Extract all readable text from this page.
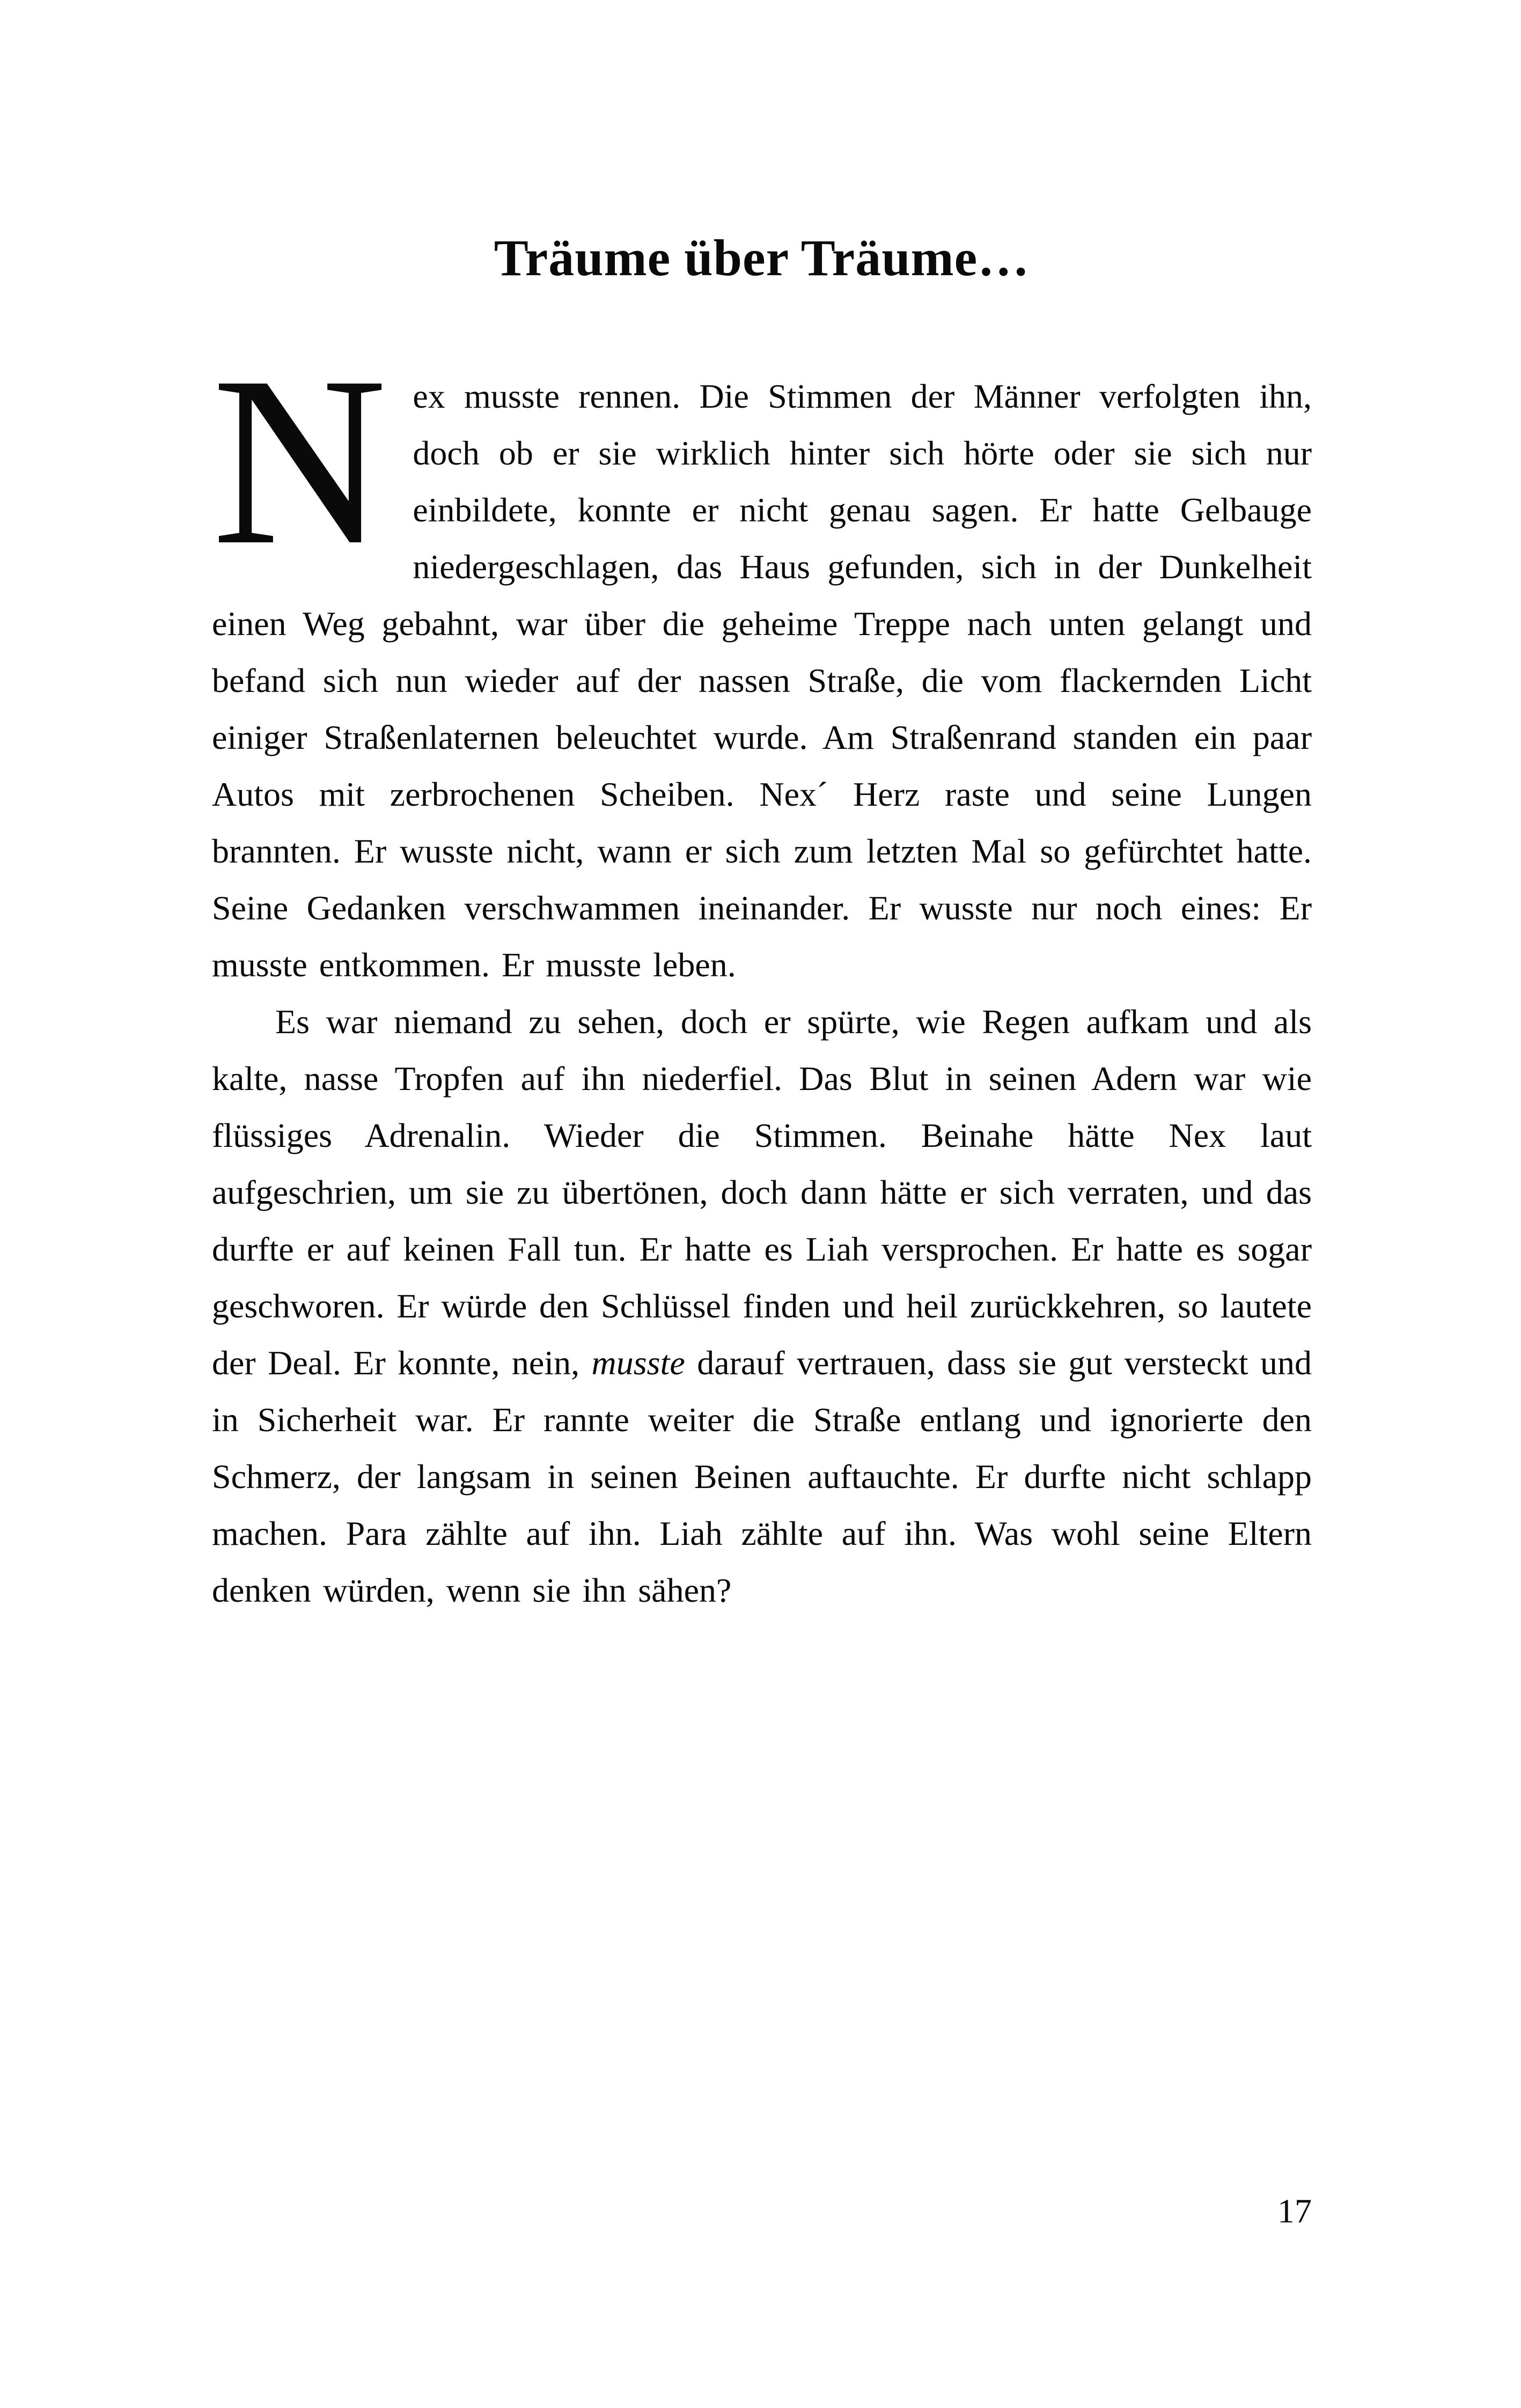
Träume über Träume…

Nex musste rennen. Die Stimmen der Männer verfolgten ihn, doch ob er sie wirklich hinter sich hörte oder sie sich nur einbildete, konnte er nicht genau sagen. Er hatte Gelbauge niedergeschlagen, das Haus gefunden, sich in der Dunkelheit einen Weg gebahnt, war über die geheime Treppe nach unten gelangt und befand sich nun wieder auf der nassen Straße, die vom flackernden Licht einiger Straßenlaternen beleuchtet wurde. Am Straßenrand standen ein paar Autos mit zerbrochenen Scheiben. Nex´ Herz raste und seine Lungen brannten. Er wusste nicht, wann er sich zum letzten Mal so gefürchtet hatte. Seine Gedanken verschwammen ineinander. Er wusste nur noch eines: Er musste entkommen. Er musste leben.

Es war niemand zu sehen, doch er spürte, wie Regen aufkam und als kalte, nasse Tropfen auf ihn niederfiel. Das Blut in seinen Adern war wie flüssiges Adrenalin. Wieder die Stimmen. Beinahe hätte Nex laut aufgeschrien, um sie zu übertönen, doch dann hätte er sich verraten, und das durfte er auf keinen Fall tun. Er hatte es Liah versprochen. Er hatte es sogar geschworen. Er würde den Schlüssel finden und heil zurückkehren, so lautete der Deal. Er konnte, nein, musste darauf vertrauen, dass sie gut versteckt und in Sicherheit war. Er rannte weiter die Straße entlang und ignorierte den Schmerz, der langsam in seinen Beinen auftauchte. Er durfte nicht schlapp machen. Para zählte auf ihn. Liah zählte auf ihn. Was wohl seine Eltern denken würden, wenn sie ihn sähen?

17
